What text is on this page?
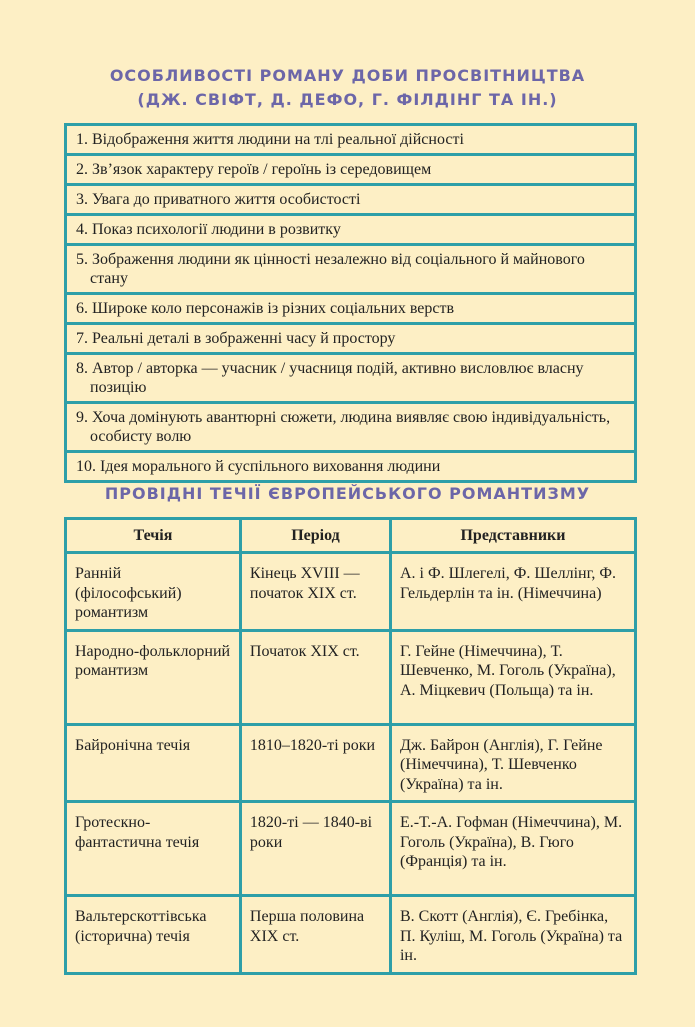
ОСОБЛИВОСТІ РОМАНУ ДОБИ ПРОСВІТНИЦТВА
(ДЖ. СВІФТ, Д. ДЕФО, Г. ФІЛДІНГ ТА ІН.)
1. Відображення життя людини на тлі реальної дійсності
2. Зв’язок характеру героїв / героїнь із середовищем
3. Увага до приватного життя особистості
4. Показ психології людини в розвитку

5. Зображення людини як цінності незалежно від соціального й майнового стану

6. Широке коло персонажів із різних соціальних верств
7. Реальні деталі в зображенні часу й простору

8. Автор / авторка — учасник / учасниця подій, активно висловлює власну позицію

9. Хоча домінують авантюрні сюжети, людина виявляє свою індивідуальність, особисту волю

10. Ідея морального й суспільного виховання людини
ПРОВІДНІ ТЕЧІЇ ЄВРОПЕЙСЬКОГО РОМАНТИЗМУ
Течія	Період	Представники
Ранній (філософський) романтизм	Кінець XVIII — початок XIX ст.	А. і Ф. Шлегелі, Ф. Шеллінг, Ф. Гельдерлін та ін. (Німеччина)
Народно-фольклорний романтизм	Початок XIX ст.	Г. Гейне (Німеччина), Т. Шевченко, М. Гоголь (Україна), А. Міцкевич (Польща) та ін.
Байронічна течія	1810–1820-ті роки	Дж. Байрон (Англія), Г. Гейне (Німеччина), Т. Шевченко (Україна) та ін.
Гротескно-фантастична течія	1820-ті — 1840-ві роки	Е.-Т.-А. Гофман (Німеччина), М. Гоголь (Україна), В. Гюго (Франція) та ін.
Вальтерскоттівська (історична) течія	Перша половина XIX ст.	В. Скотт (Англія), Є. Гребінка, П. Куліш, М. Гоголь (Україна) та ін.
